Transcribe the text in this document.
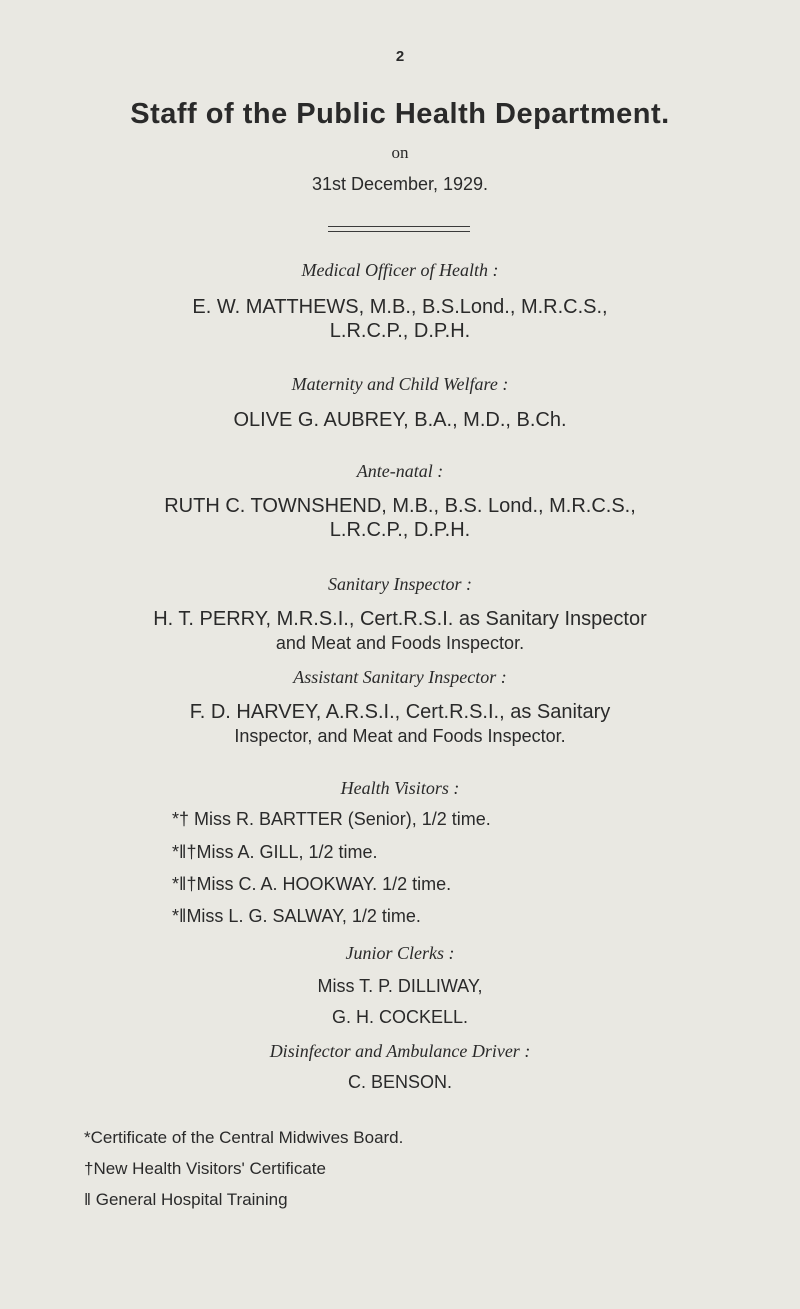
2
Staff of the Public Health Department.
on
31st December, 1929.
Medical Officer of Health :
E. W. MATTHEWS, M.B., B.S.Lond., M.R.C.S.,
L.R.C.P., D.P.H.
Maternity and Child Welfare :
OLIVE G. AUBREY, B.A., M.D., B.Ch.
Ante-natal :
RUTH C. TOWNSHEND, M.B., B.S. Lond., M.R.C.S.,
L.R.C.P., D.P.H.
Sanitary Inspector :
H. T. PERRY, M.R.S.I., Cert.R.S.I. as Sanitary Inspector
and Meat and Foods Inspector.
Assistant Sanitary Inspector :
F. D. HARVEY, A.R.S.I., Cert.R.S.I., as Sanitary
Inspector, and Meat and Foods Inspector.
Health Visitors :
*† Miss R. BARTTER (Senior), 1/2 time.
*‖†Miss A. GILL, 1/2 time.
*‖†Miss C. A. HOOKWAY. 1/2 time.
*‖Miss L. G. SALWAY, 1/2 time.
Junior Clerks :
Miss T. P. DILLIWAY,
G. H. COCKELL.
Disinfector and Ambulance Driver :
C. BENSON.
*Certificate of the Central Midwives Board.
†New Health Visitors' Certificate
‖ General Hospital Training
